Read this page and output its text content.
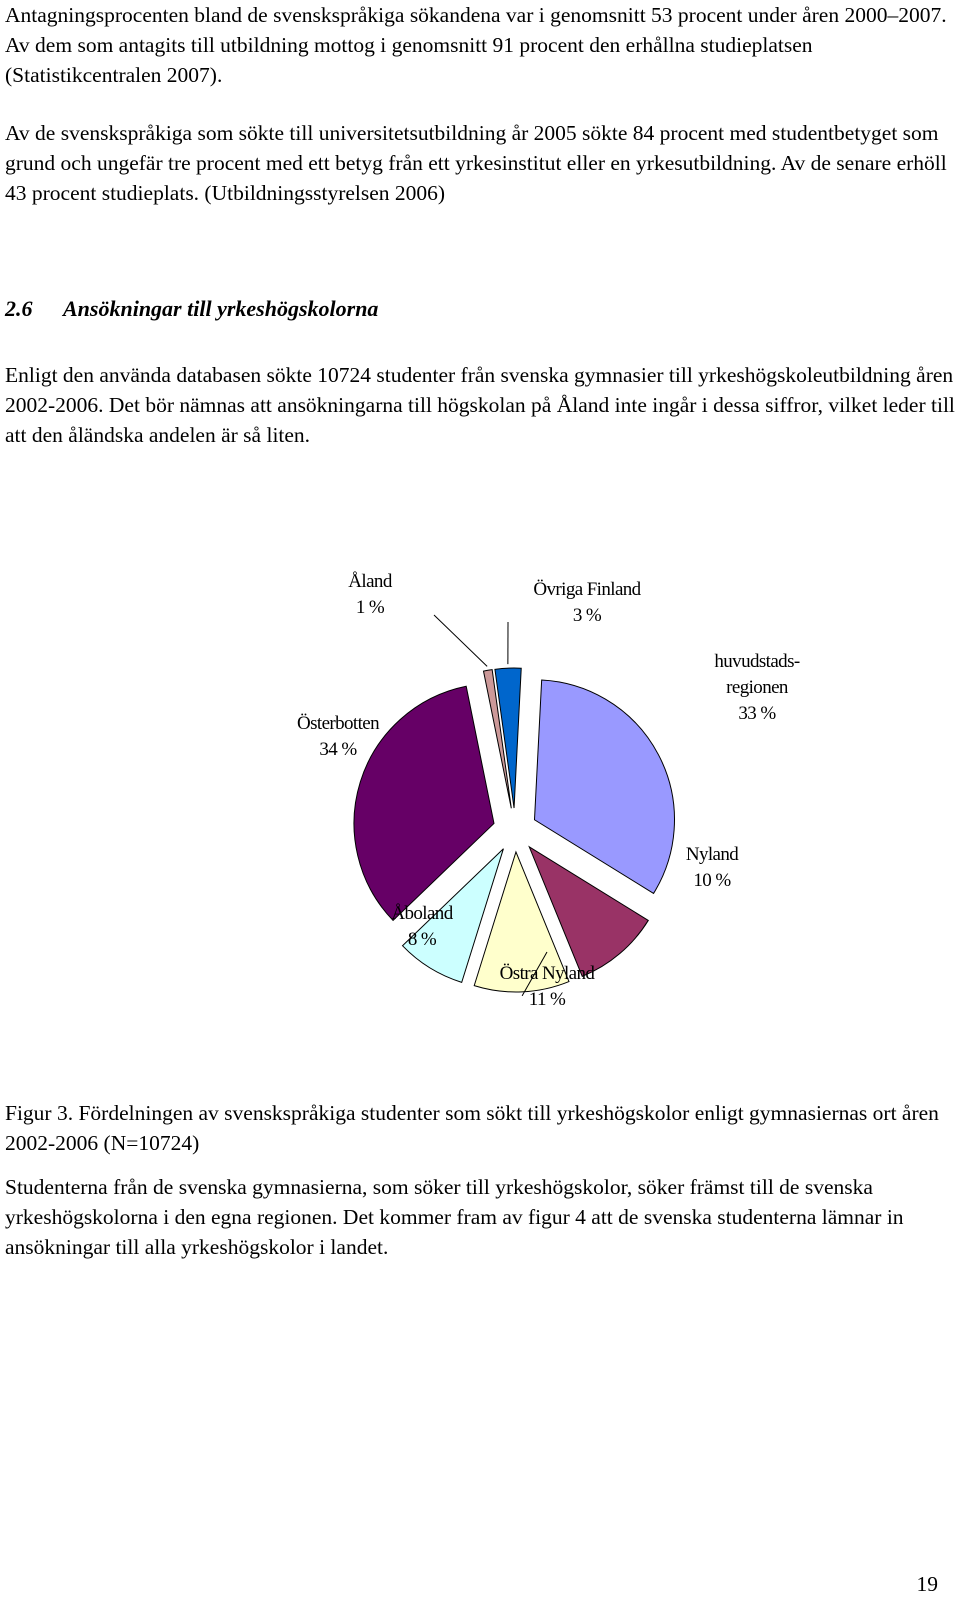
Antagningsprocenten bland de svenskspråkiga sökandena var i genomsnitt 53 procent under åren 2000–2007. Av dem som antagits till utbildning mottog i genomsnitt 91 procent den erhållna studieplatsen (Statistikcentralen 2007).

Av de svenskspråkiga som sökte till universitetsutbildning år 2005 sökte 84 procent med studentbetyget som grund och ungefär tre procent med ett betyg från ett yrkesinstitut eller en yrkesutbildning. Av de senare erhöll 43 procent studieplats. (Utbildningsstyrelsen 2006)

2.6 Ansökningar till yrkeshögskolorna

Enligt den använda databasen sökte 10724 studenter från svenska gymnasier till yrkeshögskoleutbildning åren 2002-2006. Det bör nämnas att ansökningarna till högskolan på Åland inte ingår i dessa siffror, vilket leder till att den åländska andelen är så liten.

Åland 1 %
Övriga Finland 3 %
huvudstads-regionen 33 %
Nyland 10 %
Östra Nyland 11 %
Åboland 8 %
Österbotten 34 %

Figur 3. Fördelningen av svenskspråkiga studenter som sökt till yrkeshögskolor enligt gymnasiernas ort åren 2002-2006 (N=10724)

Studenterna från de svenska gymnasierna, som söker till yrkeshögskolor, söker främst till de svenska yrkeshögskolorna i den egna regionen. Det kommer fram av figur 4 att de svenska studenterna lämnar in ansökningar till alla yrkeshögskolor i landet.

19
